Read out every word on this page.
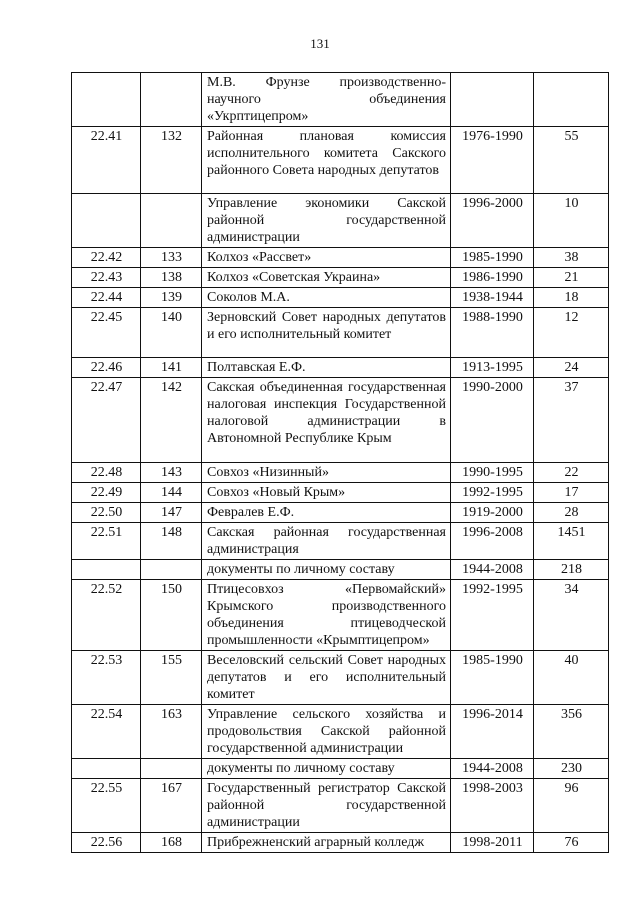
131
		М.В. Фрунзе производственно-научного объединения «Укрптицепром»		
22.41	132	Районная плановая комиссия исполнительного комитета Сакского районного Совета народных депутатов	1976-1990	55
		Управление экономики Сакской районной государственной администрации	1996-2000	10
22.42	133	Колхоз «Рассвет»	1985-1990	38
22.43	138	Колхоз «Советская Украина»	1986-1990	21
22.44	139	Соколов М.А.	1938-1944	18
22.45	140	Зерновский Совет народных депутатов и его исполнительный комитет	1988-1990	12
22.46	141	Полтавская Е.Ф.	1913-1995	24
22.47	142	Сакская объединенная государственная налоговая инспекция Государственной налоговой администрации в Автономной Республике Крым	1990-2000	37
22.48	143	Совхоз «Низинный»	1990-1995	22
22.49	144	Совхоз «Новый Крым»	1992-1995	17
22.50	147	Февралев Е.Ф.	1919-2000	28
22.51	148	Сакская районная государственная администрация	1996-2008	1451
		документы по личному составу	1944-2008	218
22.52	150	Птицесовхоз «Первомайский» Крымского производственного объединения птицеводческой промышленности «Крымптицепром»	1992-1995	34
22.53	155	Веселовский сельский Совет народных депутатов и его исполнительный комитет	1985-1990	40
22.54	163	Управление сельского хозяйства и продовольствия Сакской районной государственной администрации	1996-2014	356
		документы по личному составу	1944-2008	230
22.55	167	Государственный регистратор Сакской районной государственной администрации	1998-2003	96
22.56	168	Прибрежненский аграрный колледж	1998-2011	76
